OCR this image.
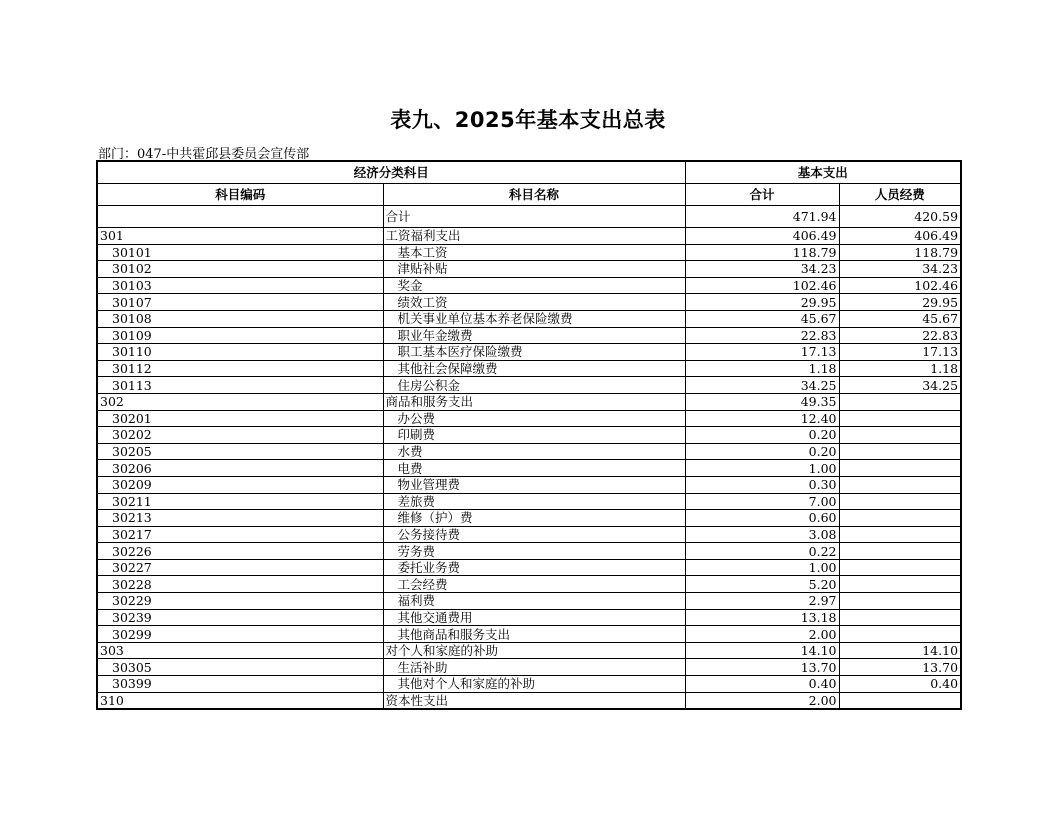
表九、2025年基本支出总表
部门：047-中共霍邱县委员会宣传部
经济分类科目		基本支出	
科目编码	科目名称	合计	人员经费
	合计	471.94	420.59
301	工资福利支出	406.49	406.49
30101	基本工资	118.79	118.79
30102	津贴补贴	34.23	34.23
30103	奖金	102.46	102.46
30107	绩效工资	29.95	29.95
30108	机关事业单位基本养老保险缴费	45.67	45.67
30109	职业年金缴费	22.83	22.83
30110	职工基本医疗保险缴费	17.13	17.13
30112	其他社会保障缴费	1.18	1.18
30113	住房公积金	34.25	34.25
302	商品和服务支出	49.35	
30201	办公费	12.40	
30202	印刷费	0.20	
30205	水费	0.20	
30206	电费	1.00	
30209	物业管理费	0.30	
30211	差旅费	7.00	
30213	维修（护）费	0.60	
30217	公务接待费	3.08	
30226	劳务费	0.22	
30227	委托业务费	1.00	
30228	工会经费	5.20	
30229	福利费	2.97	
30239	其他交通费用	13.18	
30299	其他商品和服务支出	2.00	
303	对个人和家庭的补助	14.10	14.10
30305	生活补助	13.70	13.70
30399	其他对个人和家庭的补助	0.40	0.40
310	资本性支出	2.00	
